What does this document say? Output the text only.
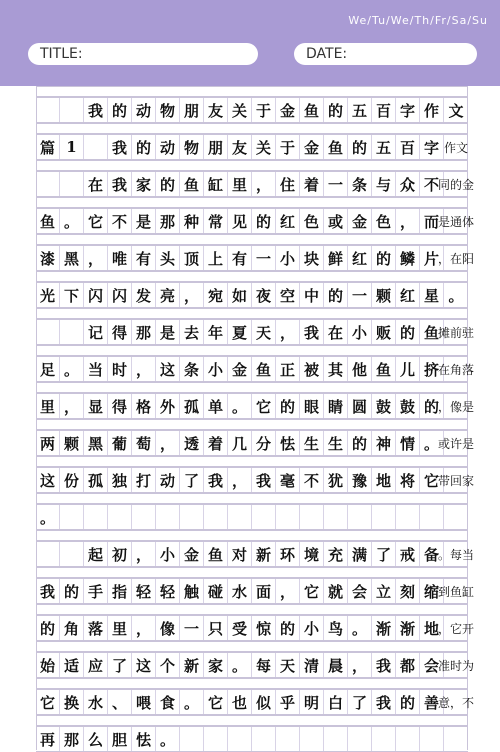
We/Tu/We/Th/Fr/Sa/Su
TITLE:	DATE:
我 的 动 物 朋 友 关 于 金 鱼 的 五 百 字 作 文
篇 1	我 的 动 物 朋 友 关 于 金 鱼 的 五 百 字 作文
在 我 家 的 鱼 缸 里 ， 住 着 一 条 与 众 不 同的金
鱼 。 它 不 是 那 种 常 见 的 红 色 或 金 色 ， 而 是通体
漆 黑 ， 唯 有 头 顶 上 有 一 小 块 鲜 红 的 鳞 片 ，在阳
光 下 闪 闪 发 亮 ， 宛 如 夜 空 中 的 一 颗 红 星 。
记 得 那 是 去 年 夏 天 ， 我 在 小 贩 的 鱼 摊前驻
足 。 当 时 ， 这 条 小 金 鱼 正 被 其 他 鱼 儿 挤 在角落
里 ， 显 得 格 外 孤 单 。 它 的 眼 睛 圆 鼓 鼓 的 ，像是
两 颗 黑 葡 萄 ， 透 着 几 分 怯 生 生 的 神 情 。 或许是
这 份 孤 独 打 动 了 我 ， 我 毫 不 犹 豫 地 将 它 带回家
。
起 初 ， 小 金 鱼 对 新 环 境 充 满 了 戒 备 。每当
我 的 手 指 轻 轻 触 碰 水 面 ， 它 就 会 立 刻 缩 到鱼缸
的 角 落 里 ， 像 一 只 受 惊 的 小 鸟 。 渐 渐 地 ，它开
始 适 应 了 这 个 新 家 。 每 天 清 晨 ， 我 都 会 准时为
它 换 水 、 喂 食 。 它 也 似 乎 明 白 了 我 的 善 意，不
再 那 么 胆 怯 。
